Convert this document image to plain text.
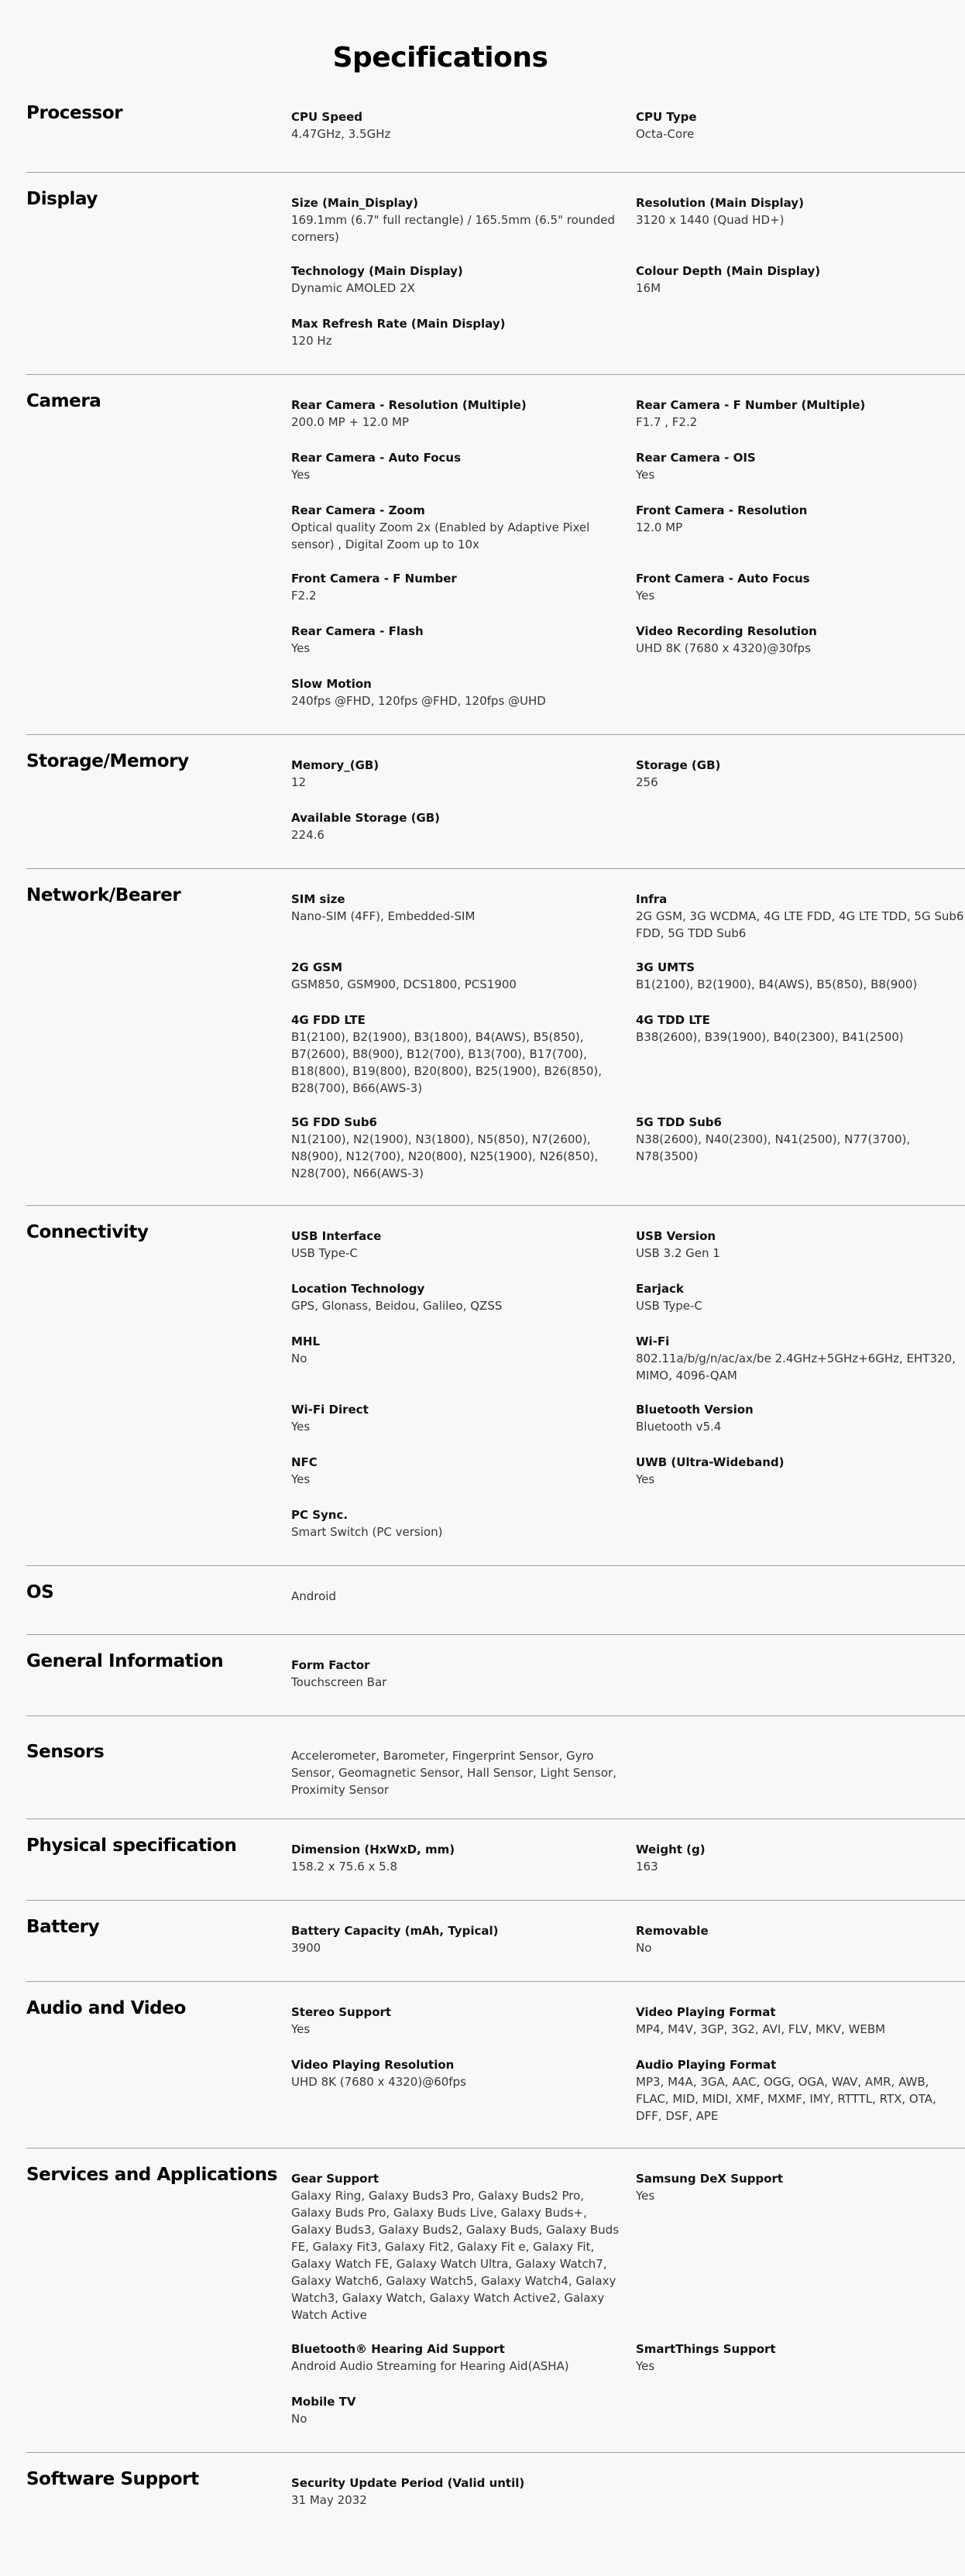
Specifications
Processor	CPU Speed
4.47GHz, 3.5GHz
CPU Type
Octa-Core
Display	Size (Main_Display)
169.1mm (6.7" full rectangle) / 165.5mm (6.5" rounded corners)
Resolution (Main Display)
3120 x 1440 (Quad HD+)
Technology (Main Display)
Dynamic AMOLED 2X
Colour Depth (Main Display)
16M
Max Refresh Rate (Main Display)
120 Hz
Camera	Rear Camera - Resolution (Multiple)
200.0 MP + 12.0 MP
Rear Camera - F Number (Multiple)
F1.7 , F2.2
Rear Camera - Auto Focus
Yes
Rear Camera - OIS
Yes
Rear Camera - Zoom
Optical quality Zoom 2x (Enabled by Adaptive Pixel sensor) , Digital Zoom up to 10x
Front Camera - Resolution
12.0 MP
Front Camera - F Number
F2.2
Front Camera - Auto Focus
Yes
Rear Camera - Flash
Yes
Video Recording Resolution
UHD 8K (7680 x 4320)@30fps
Slow Motion
240fps @FHD, 120fps @FHD, 120fps @UHD
Storage/Memory	Memory_(GB)
12
Storage (GB)
256
Available Storage (GB)
224.6
Network/Bearer	SIM size
Nano-SIM (4FF), Embedded-SIM
Infra
2G GSM, 3G WCDMA, 4G LTE FDD, 4G LTE TDD, 5G Sub6 FDD, 5G TDD Sub6
2G GSM
GSM850, GSM900, DCS1800, PCS1900
3G UMTS
B1(2100), B2(1900), B4(AWS), B5(850), B8(900)
4G FDD LTE
B1(2100), B2(1900), B3(1800), B4(AWS), B5(850), B7(2600), B8(900), B12(700), B13(700), B17(700), B18(800), B19(800), B20(800), B25(1900), B26(850), B28(700), B66(AWS-3)
4G TDD LTE
B38(2600), B39(1900), B40(2300), B41(2500)
5G FDD Sub6
N1(2100), N2(1900), N3(1800), N5(850), N7(2600), N8(900), N12(700), N20(800), N25(1900), N26(850), N28(700), N66(AWS-3)
5G TDD Sub6
N38(2600), N40(2300), N41(2500), N77(3700), N78(3500)
Connectivity	USB Interface
USB Type-C
USB Version
USB 3.2 Gen 1
Location Technology
GPS, Glonass, Beidou, Galileo, QZSS
Earjack
USB Type-C
MHL
No
Wi-Fi
802.11a/b/g/n/ac/ax/be 2.4GHz+5GHz+6GHz, EHT320, MIMO, 4096-QAM
Wi-Fi Direct
Yes
Bluetooth Version
Bluetooth v5.4
NFC
Yes
UWB (Ultra-Wideband)
Yes
PC Sync.
Smart Switch (PC version)
OS	Android
General Information	Form Factor
Touchscreen Bar
Sensors	Accelerometer, Barometer, Fingerprint Sensor, Gyro Sensor, Geomagnetic Sensor, Hall Sensor, Light Sensor, Proximity Sensor
Physical specification	Dimension (HxWxD, mm)
158.2 x 75.6 x 5.8
Weight (g)
163
Battery	Battery Capacity (mAh, Typical)
3900
Removable
No
Audio and Video	Stereo Support
Yes
Video Playing Format
MP4, M4V, 3GP, 3G2, AVI, FLV, MKV, WEBM
Video Playing Resolution
UHD 8K (7680 x 4320)@60fps
Audio Playing Format
MP3, M4A, 3GA, AAC, OGG, OGA, WAV, AMR, AWB, FLAC, MID, MIDI, XMF, MXMF, IMY, RTTTL, RTX, OTA, DFF, DSF, APE
Services and Applications	Gear Support
Galaxy Ring, Galaxy Buds3 Pro, Galaxy Buds2 Pro, Galaxy Buds Pro, Galaxy Buds Live, Galaxy Buds+, Galaxy Buds3, Galaxy Buds2, Galaxy Buds, Galaxy Buds FE, Galaxy Fit3, Galaxy Fit2, Galaxy Fit e, Galaxy Fit, Galaxy Watch FE, Galaxy Watch Ultra, Galaxy Watch7, Galaxy Watch6, Galaxy Watch5, Galaxy Watch4, Galaxy Watch3, Galaxy Watch, Galaxy Watch Active2, Galaxy Watch Active
Samsung DeX Support
Yes
Bluetooth® Hearing Aid Support
Android Audio Streaming for Hearing Aid(ASHA)
SmartThings Support
Yes
Mobile TV
No
Software Support	Security Update Period (Valid until)
31 May 2032
